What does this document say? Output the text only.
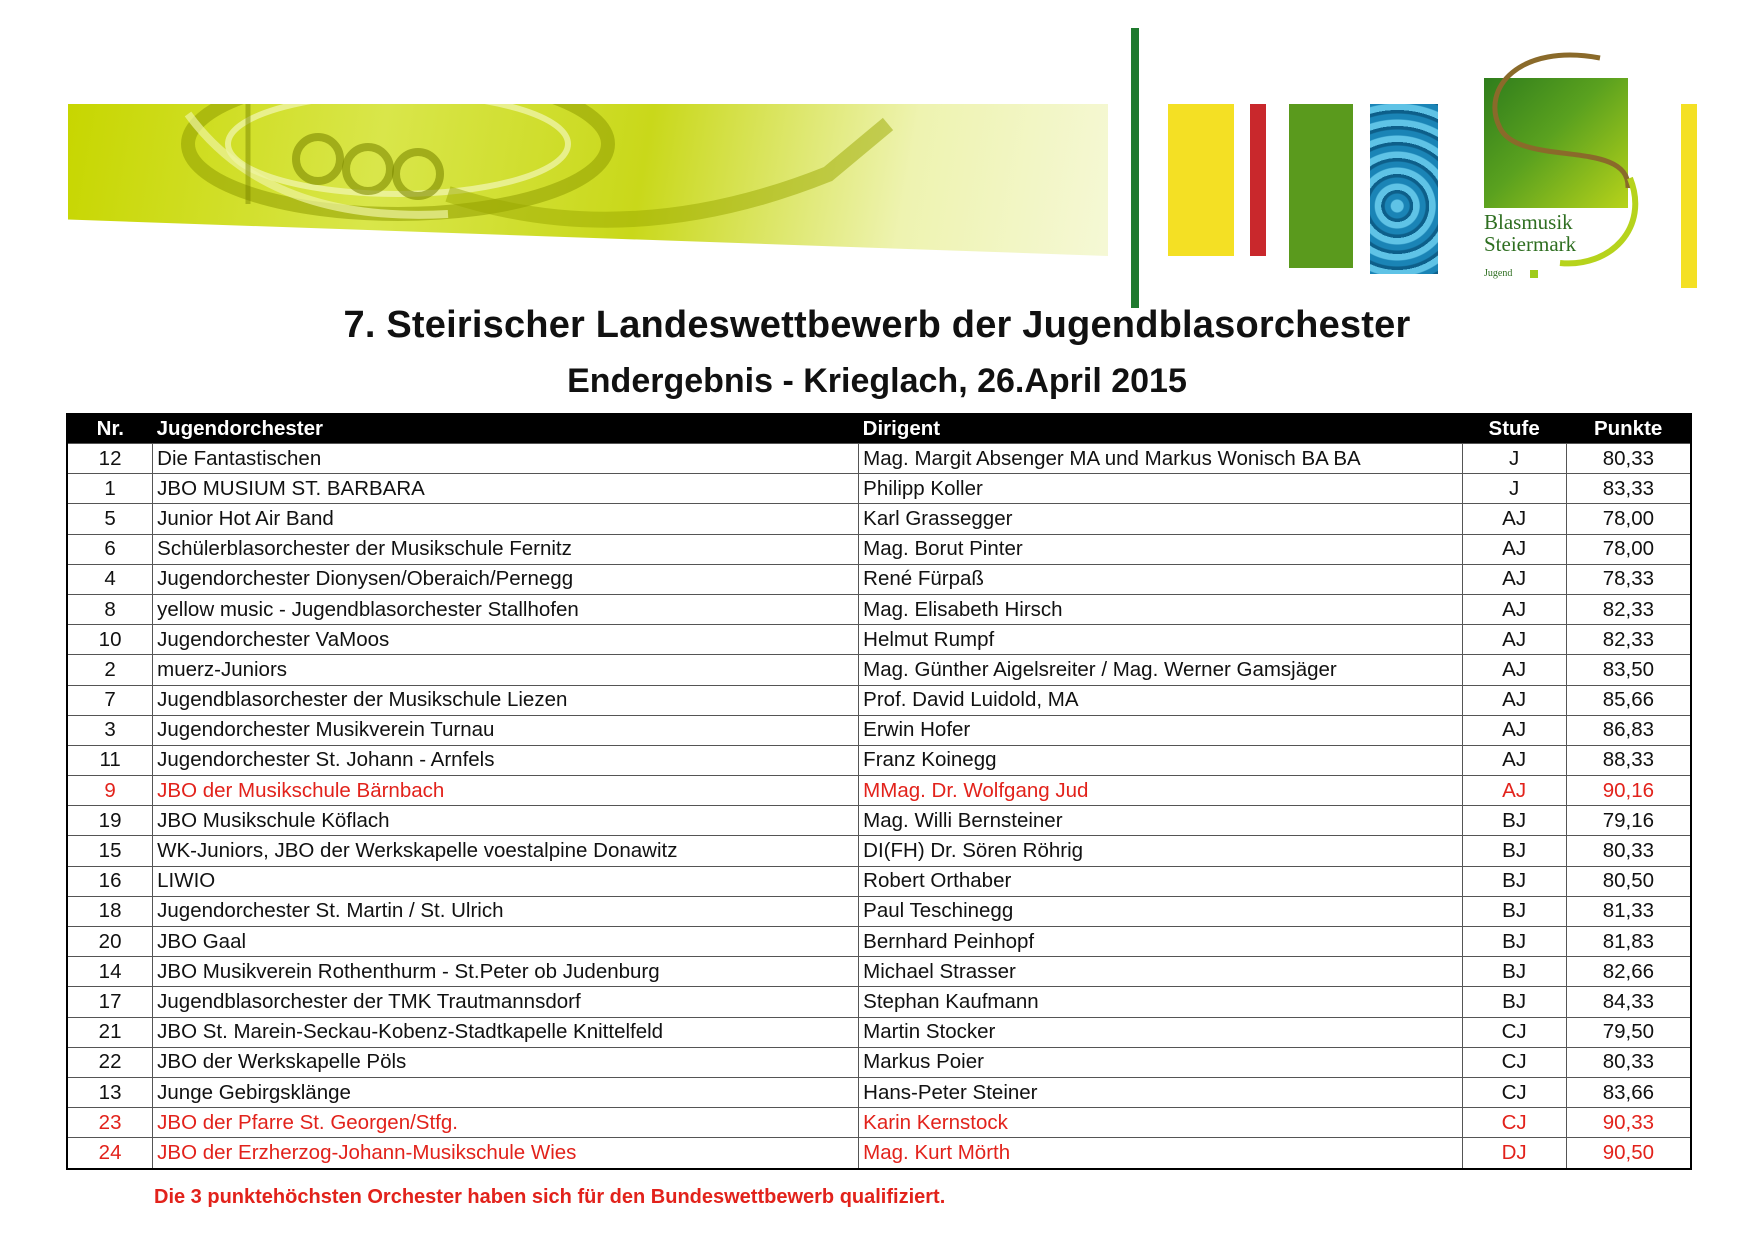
Blasmusik
Steiermark
Jugend
7. Steirischer Landeswettbewerb der Jugendblasorchester
Endergebnis - Krieglach, 26.April 2015
Nr.	Jugendorchester	Dirigent	Stufe	Punkte
12	Die Fantastischen	Mag. Margit Absenger MA und Markus Wonisch BA BA	J	80,33
1	JBO MUSIUM ST. BARBARA	Philipp Koller	J	83,33
5	Junior Hot Air Band	Karl Grassegger	AJ	78,00
6	Schülerblasorchester der Musikschule Fernitz	Mag. Borut Pinter	AJ	78,00
4	Jugendorchester Dionysen/Oberaich/Pernegg	René Fürpaß	AJ	78,33
8	yellow music - Jugendblasorchester Stallhofen	Mag. Elisabeth Hirsch	AJ	82,33
10	Jugendorchester VaMoos	Helmut Rumpf	AJ	82,33
2	muerz-Juniors	Mag. Günther Aigelsreiter / Mag. Werner Gamsjäger	AJ	83,50
7	Jugendblasorchester der Musikschule Liezen	Prof. David Luidold, MA	AJ	85,66
3	Jugendorchester Musikverein Turnau	Erwin Hofer	AJ	86,83
11	Jugendorchester St. Johann - Arnfels	Franz Koinegg	AJ	88,33
9	JBO der Musikschule Bärnbach	MMag. Dr. Wolfgang Jud	AJ	90,16
19	JBO Musikschule Köflach	Mag. Willi Bernsteiner	BJ	79,16
15	WK-Juniors, JBO der Werkskapelle voestalpine Donawitz	DI(FH) Dr. Sören Röhrig	BJ	80,33
16	LIWIO	Robert Orthaber	BJ	80,50
18	Jugendorchester St. Martin / St. Ulrich	Paul Teschinegg	BJ	81,33
20	JBO Gaal	Bernhard Peinhopf	BJ	81,83
14	JBO Musikverein Rothenthurm - St.Peter ob Judenburg	Michael Strasser	BJ	82,66
17	Jugendblasorchester der TMK Trautmannsdorf	Stephan Kaufmann	BJ	84,33
21	JBO St. Marein-Seckau-Kobenz-Stadtkapelle Knittelfeld	Martin Stocker	CJ	79,50
22	JBO der Werkskapelle Pöls	Markus Poier	CJ	80,33
13	Junge Gebirgsklänge	Hans-Peter Steiner	CJ	83,66
23	JBO der Pfarre St. Georgen/Stfg.	Karin Kernstock	CJ	90,33
24	JBO der Erzherzog-Johann-Musikschule Wies	Mag. Kurt Mörth	DJ	90,50
Die 3 punktehöchsten Orchester haben sich für den Bundeswettbewerb qualifiziert.
